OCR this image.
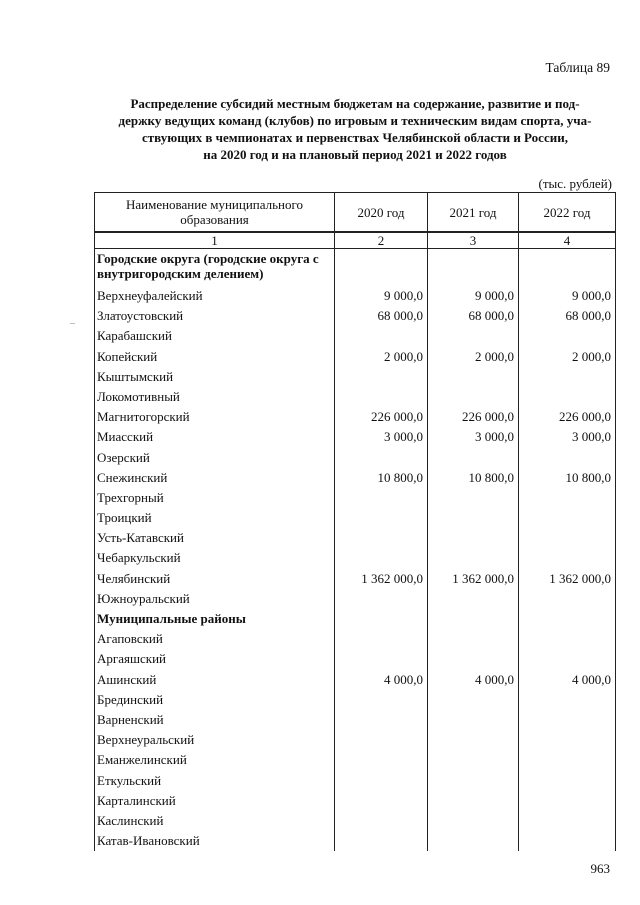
Таблица 89
Распределение субсидий местным бюджетам на содержание, развитие и под-
держку ведущих команд (клубов) по игровым и техническим видам спорта, уча-
ствующих в чемпионатах и первенствах Челябинской области и России,
на 2020 год и на плановый период 2021 и 2022 годов
(тыс. рублей)
–
Наименование муниципального образования	2020 год	2021 год	2022 год
1	2	3	4
Городские округа (городские округа с внутригородским делением)			
Верхнеуфалейский	9 000,0	9 000,0	9 000,0
Златоустовский	68 000,0	68 000,0	68 000,0
Карабашский			
Копейский	2 000,0	2 000,0	2 000,0
Кыштымский			
Локомотивный			
Магнитогорский	226 000,0	226 000,0	226 000,0
Миасский	3 000,0	3 000,0	3 000,0
Озерский			
Снежинский	10 800,0	10 800,0	10 800,0
Трехгорный			
Троицкий			
Усть-Катавский			
Чебаркульский			
Челябинский	1 362 000,0	1 362 000,0	1 362 000,0
Южноуральский			
Муниципальные районы			
Агаповский			
Аргаяшский			
Ашинский	4 000,0	4 000,0	4 000,0
Брединский			
Варненский			
Верхнеуральский			
Еманжелинский			
Еткульский			
Карталинский			
Каслинский			
Катав-Ивановский			
963
